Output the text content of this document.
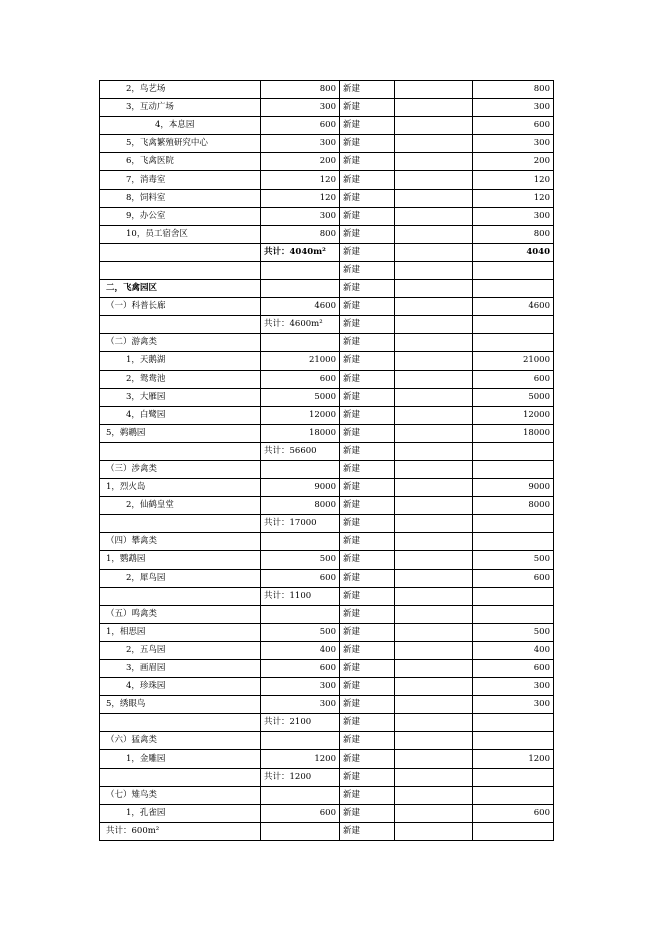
2，鸟艺场	800	新建		800
3，互动广场	300	新建		300
4，本息园	600	新建		600
5，飞禽繁殖研究中心	300	新建		300
6，飞禽医院	200	新建		200
7，消毒室	120	新建		120
8，饲料室	120	新建		120
9，办公室	300	新建		300
10，员工宿舍区	800	新建		800
	共计：4040m²	新建		4040
		新建		
二，飞禽园区		新建		
（一）科普长廊	4600	新建		4600
	共计：4600m²	新建		
（二）游禽类		新建		
1，天鹅湖	21000	新建		21000
2，鸳鸯池	600	新建		600
3，大雁园	5000	新建		5000
4，白鹭园	12000	新建		12000
5，鹈鹕园	18000	新建		18000
	共计：56600	新建		
（三）涉禽类		新建		
1，烈火岛	9000	新建		9000
2，仙鹤皇堂	8000	新建		8000
	共计：17000	新建		
（四）攀禽类		新建		
1，鹦鹉园	500	新建		500
2，犀鸟园	600	新建		600
	共计：1100	新建		
（五）鸣禽类		新建		
1，相思园	500	新建		500
2，五鸟园	400	新建		400
3，画眉园	600	新建		600
4，珍珠园	300	新建		300
5，绣眼鸟	300	新建		300
	共计：2100	新建		
（六）猛禽类		新建		
1，金雕园	1200	新建		1200
	共计：1200	新建		
（七）雉鸟类		新建		
1，孔雀园	600	新建		600
共计：600m²		新建		
